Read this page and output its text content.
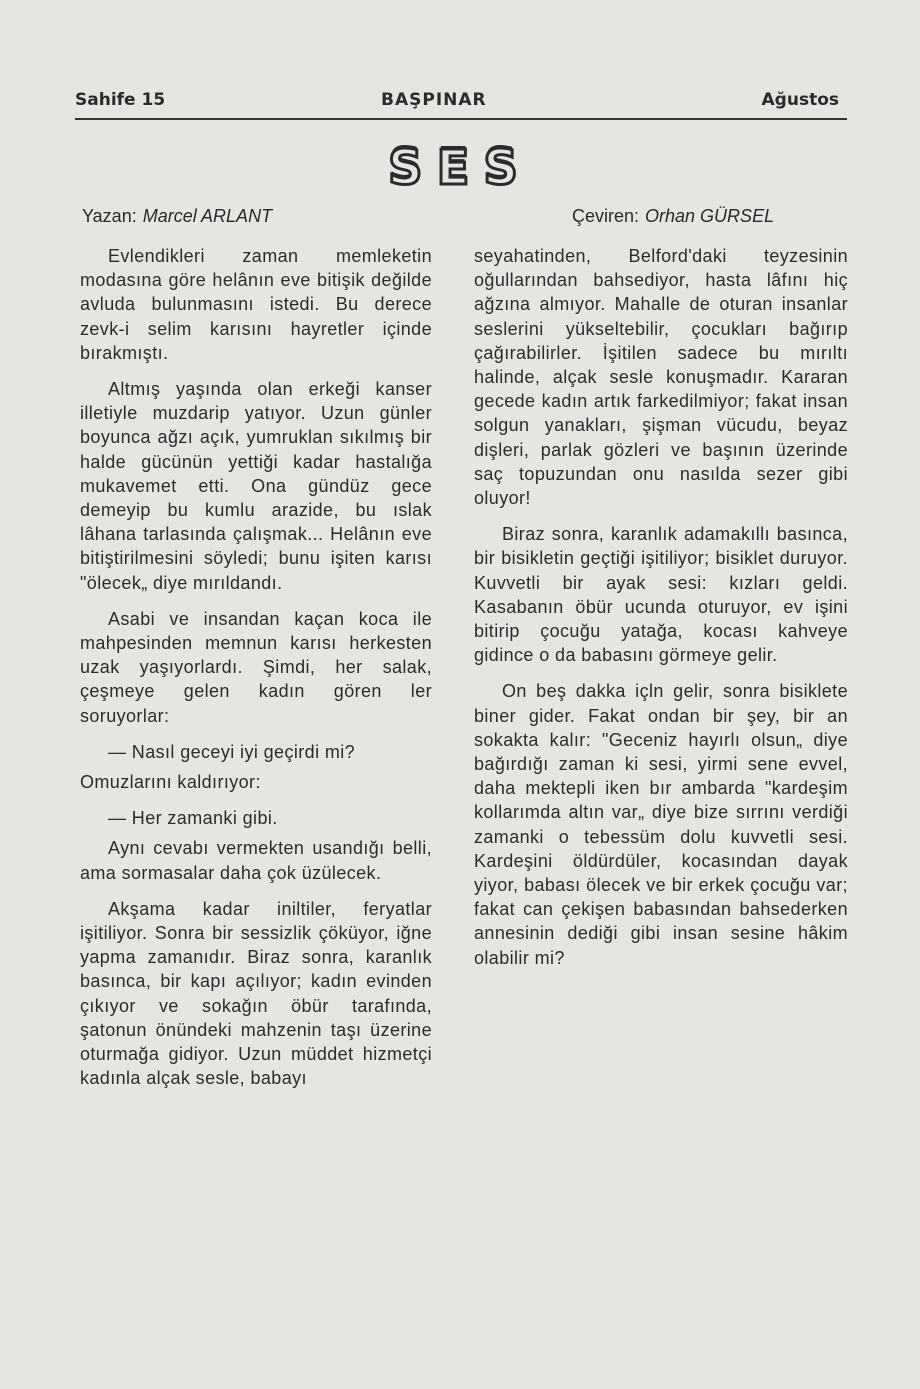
Sahife 15	BAŞPINAR	Ağustos
SES
Yazan: Marcel ARLANT	Çeviren: Orhan GÜRSEL

Evlendikleri zaman memleketin modasına göre helânın eve bitişik değilde avluda bulunmasını istedi. Bu derece zevk-i selim karısını hayretler içinde bırakmıştı.

Altmış yaşında olan erkeği kanser illetiyle muzdarip yatıyor. Uzun günler boyunca ağzı açık, yumruklan sıkılmış bir halde gücünün yettiği kadar hastalığa mukavemet etti. Ona gündüz gece demeyip bu kumlu arazide, bu ıslak lâhana tarlasında çalışmak... Helânın eve bitiştirilmesini söyledi; bunu işiten karısı "ölecek„ diye mırıldandı.

Asabi ve insandan kaçan koca ile mahpesinden memnun karısı herkesten uzak yaşıyorlardı. Şimdi, her salak, çeşmeye gelen kadın gören ler soruyorlar:

— Nasıl geceyi iyi geçirdi mi?

Omuzlarını kaldırıyor:

— Her zamanki gibi.

Aynı cevabı vermekten usandığı belli, ama sormasalar daha çok üzülecek.

Akşama kadar iniltiler, feryatlar işitiliyor. Sonra bir sessizlik çöküyor, iğne yapma zamanıdır. Biraz sonra, karanlık basınca, bir kapı açılıyor; kadın evinden çıkıyor ve sokağın öbür tarafında, şatonun önündeki mahzenin taşı üzerine oturmağa gidiyor. Uzun müddet hizmetçi kadınla alçak sesle, babayı

seyahatinden, Belford'daki teyzesinin oğullarından bahsediyor, hasta lâfını hiç ağzına almıyor. Mahalle de oturan insanlar seslerini yükseltebilir, çocukları bağırıp çağırabilirler. İşitilen sadece bu mırıltı halinde, alçak sesle konuşmadır. Kararan gecede kadın artık farkedilmiyor; fakat insan solgun yanakları, şişman vücudu, beyaz dişleri, parlak gözleri ve başının üzerinde saç topuzundan onu nasılda sezer gibi oluyor!

Biraz sonra, karanlık adamakıllı basınca, bir bisikletin geçtiği işitiliyor; bisiklet duruyor. Kuvvetli bir ayak sesi: kızları geldi. Kasabanın öbür ucunda oturuyor, ev işini bitirip çocuğu yatağa, kocası kahveye gidince o da babasını görmeye gelir.

On beş dakka içln gelir, sonra bisiklete biner gider. Fakat ondan bir şey, bir an sokakta kalır: "Geceniz hayırlı olsun„ diye bağırdığı zaman ki sesi, yirmi sene evvel, daha mektepli iken bır ambarda "kardeşim kollarımda altın var„ diye bize sırrını verdiği zamanki o tebessüm dolu kuvvetli sesi. Kardeşini öldürdüler, kocasından dayak yiyor, babası ölecek ve bir erkek çocuğu var; fakat can çekişen babasından bahsederken annesinin dediği gibi insan sesine hâkim olabilir mi?
